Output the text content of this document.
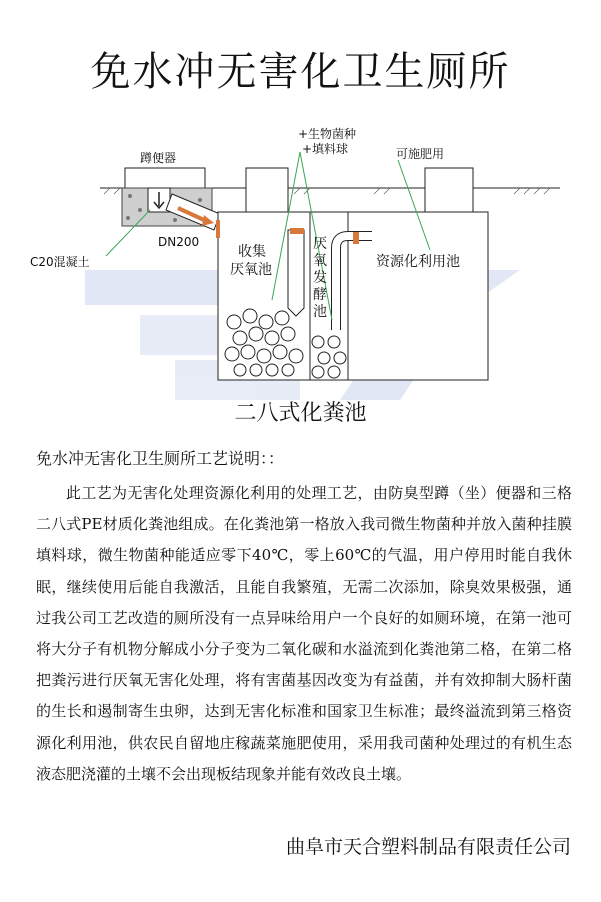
免水冲无害化卫生厕所
蹲便器
+生物菌种
+填料球	可施肥用
C20混凝土
DN200
收集
厌氧池
厌
氧
发
酵
池
资源化利用池
二八式化粪池
免水冲无害化卫生厕所工艺说明：：
此工艺为无害化处理资源化利用的处理工艺，由防臭型蹲（坐）便器和三格二八式PE材质化粪池组成。在化粪池第一格放入我司微生物菌种并放入菌种挂膜填料球，微生物菌种能适应零下40℃，零上60℃的气温，用户停用时能自我休眠，继续使用后能自我激活，且能自我繁殖，无需二次添加，除臭效果极强，通过我公司工艺改造的厕所没有一点异味给用户一个良好的如厕环境，在第一池可将大分子有机物分解成小分子变为二氧化碳和水溢流到化粪池第二格，在第二格把粪污进行厌氧无害化处理，将有害菌基因改变为有益菌，并有效抑制大肠杆菌的生长和遏制寄生虫卵，达到无害化标准和国家卫生标准；最终溢流到第三格资源化利用池，供农民自留地庄稼蔬菜施肥使用，采用我司菌种处理过的有机生态液态肥浇灌的土壤不会出现板结现象并能有效改良土壤。
曲阜市天合塑料制品有限责任公司
